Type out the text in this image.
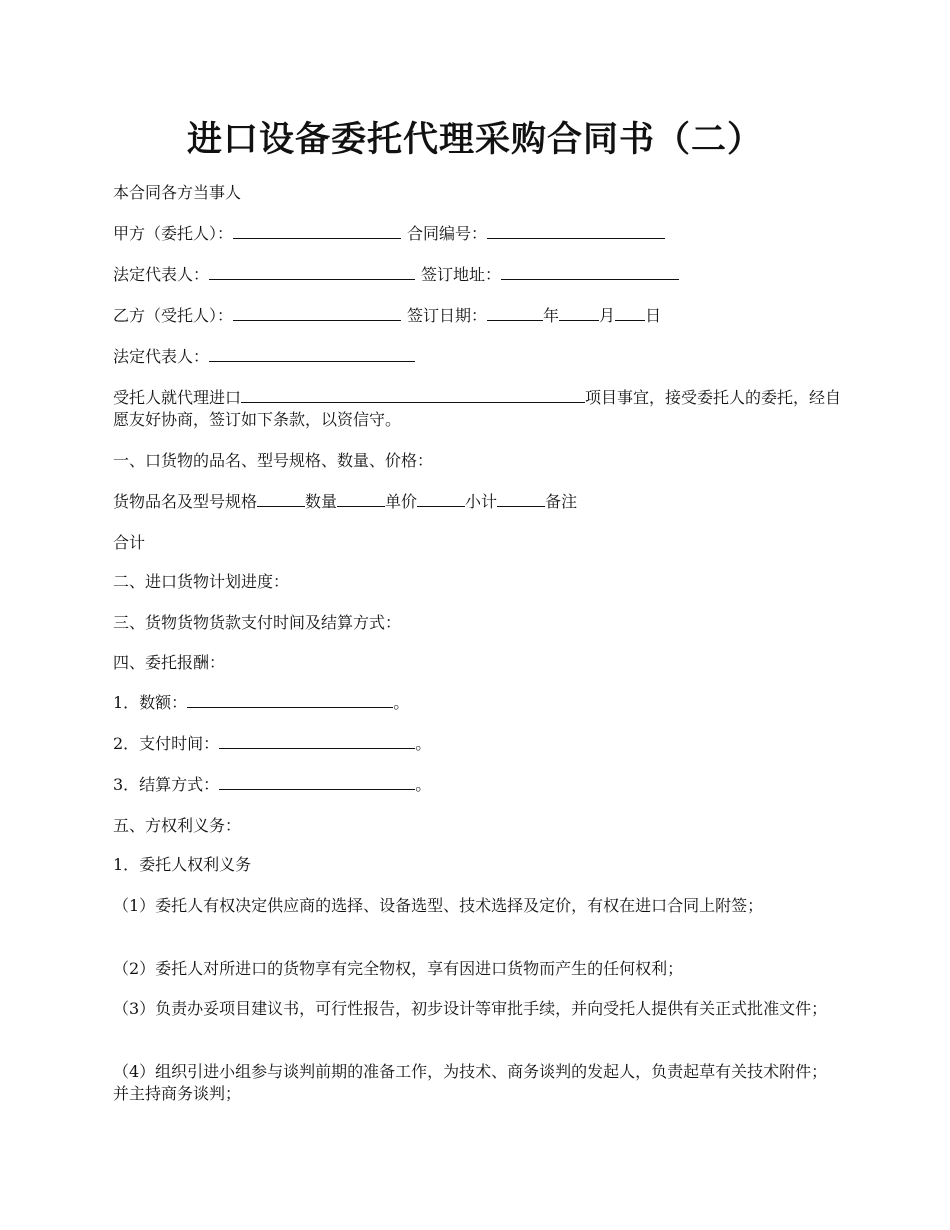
进口设备委托代理采购合同书（二）
本合同各方当事人
甲方（委托人）：	合同编号：
法定代表人：	签订地址：
乙方（受托人）：	签订日期：	年	月 日
法定代表人：
受托人就代理进口	项目事宜，接受委托人的委托，经自愿友好协商，签订如下条款，以资信守。
一、口货物的品名、型号规格、数量、价格：
货物品名及型号规格	数量	单价	小计	备注
合计
二、进口货物计划进度：
三、货物货物货款支付时间及结算方式：
四、委托报酬：
1．数额：	。
2．支付时间：	。
3．结算方式：	。
五、方权利义务：
1．委托人权利义务
（1）委托人有权决定供应商的选择、设备选型、技术选择及定价，有权在进口合同上附签；
（2）委托人对所进口的货物享有完全物权，享有因进口货物而产生的任何权利；
（3）负责办妥项目建议书，可行性报告，初步设计等审批手续，并向受托人提供有关正式批准文件；
（4）组织引进小组参与谈判前期的准备工作，为技术、商务谈判的发起人，负责起草有关技术附件；并主持商务谈判；
